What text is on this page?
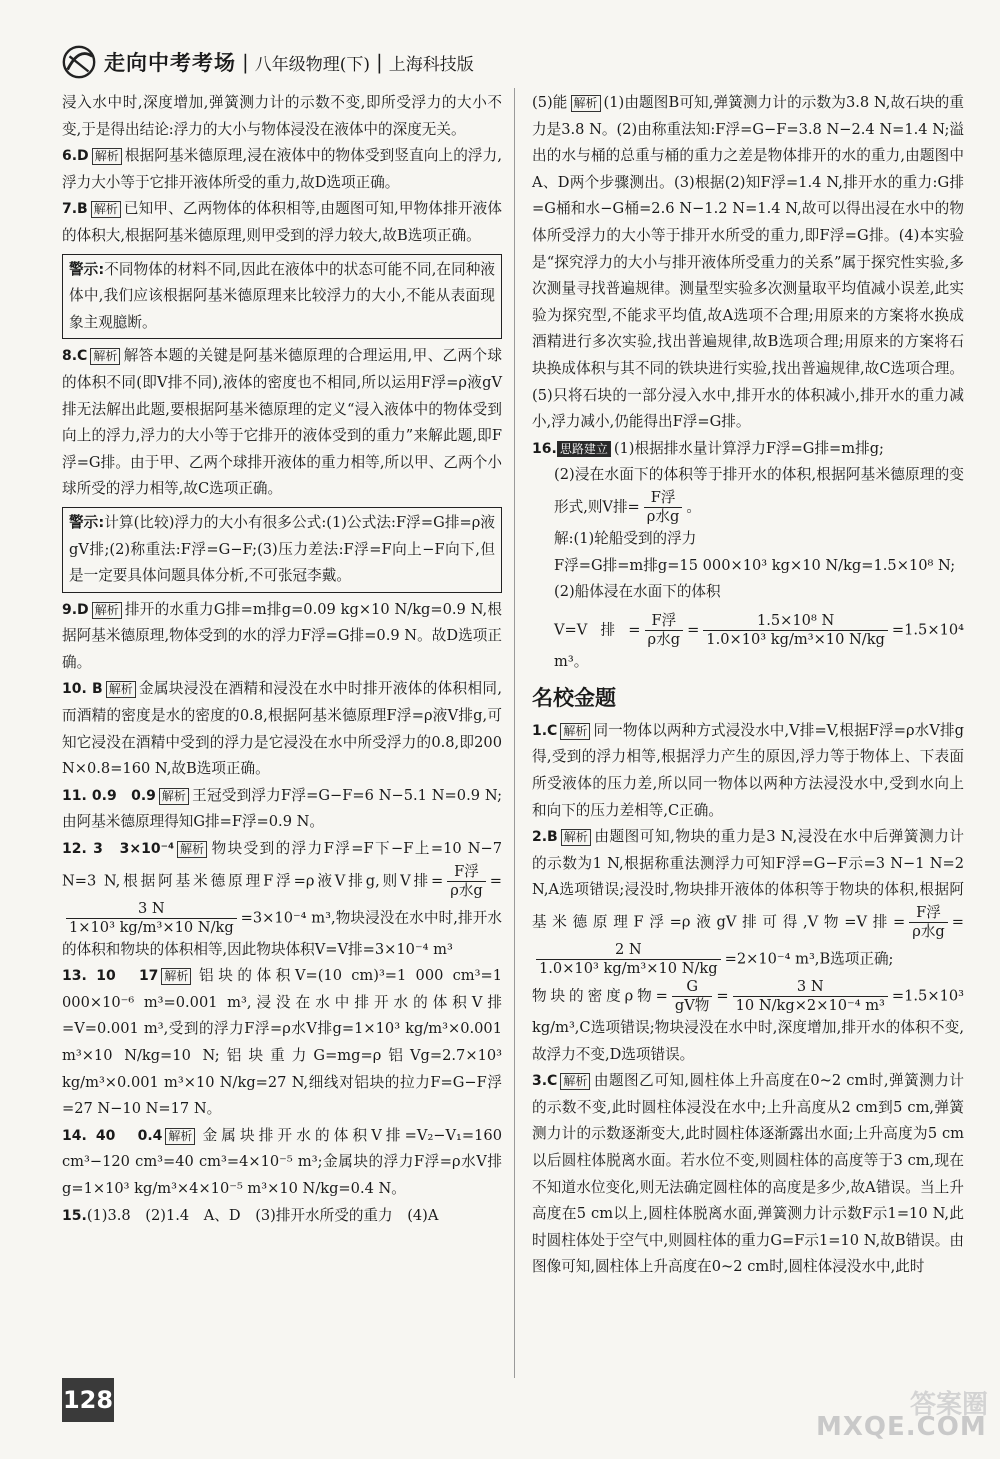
走向中考考场 | 八年级物理(下) | 上海科技版

浸入水中时,深度增加,弹簧测力计的示数不变,即所受浮力的大小不变,于是得出结论:浮力的大小与物体浸没在液体中的深度无关。

6.D 解析 根据阿基米德原理,浸在液体中的物体受到竖直向上的浮力,浮力大小等于它排开液体所受的重力,故D选项正确。

7.B 解析 已知甲、乙两物体的体积相等,由题图可知,甲物体排开液体的体积大,根据阿基米德原理,则甲受到的浮力较大,故B选项正确。

警示:不同物体的材料不同,因此在液体中的状态可能不同,在同种液体中,我们应该根据阿基米德原理来比较浮力的大小,不能从表面现象主观臆断。

8.C 解析 解答本题的关键是阿基米德原理的合理运用,甲、乙两个球的体积不同(即V排不同),液体的密度也不相同,所以运用F浮=ρ液gV排无法解出此题,要根据阿基米德原理的定义“浸入液体中的物体受到向上的浮力,浮力的大小等于它排开的液体受到的重力”来解此题,即F浮=G排。由于甲、乙两个球排开液体的重力相等,所以甲、乙两个小球所受的浮力相等,故C选项正确。

警示:计算(比较)浮力的大小有很多公式:(1)公式法:F浮=G排=ρ液gV排;(2)称重法:F浮=G−F;(3)压力差法:F浮=F向上−F向下,但是一定要具体问题具体分析,不可张冠李戴。

9.D 解析 排开的水重力G排=m排g=0.09 kg×10 N/kg=0.9 N,根据阿基米德原理,物体受到的水的浮力F浮=G排=0.9 N。故D选项正确。

10. B 解析 金属块浸没在酒精和浸没在水中时排开液体的体积相同,而酒精的密度是水的密度的0.8,根据阿基米德原理F浮=ρ液V排g,可知它浸没在酒精中受到的浮力是它浸没在水中所受浮力的0.8,即200 N×0.8=160 N,故B选项正确。

11. 0.9　0.9 解析 王冠受到浮力F浮=G−F=6 N−5.1 N=0.9 N;由阿基米德原理得知G排=F浮=0.9 N。

12. 3　3×10⁻⁴ 解析 物块受到的浮力F浮=F下−F上=10 N−7 N=3 N,根据阿基米德原理F浮=ρ液V排g,则V排= $\frac{\text{F浮}}{\text{ρ水g}}$ =
$\frac{3 N}{\text{1×10³ kg/m³×10 N/kg}} =3\times 10^{-4}$ m³,物块浸没在水中时,排开水的体积和物块的体积相等,因此物块体积V=V排=3×10⁻⁴ m³

13. 10　17 解析 铝块的体积V=(10 cm)³=1 000 cm³=1 000×10⁻⁶ m³=0.001 m³,浸没在水中排开水的体积V排=V=0.001 m³,受到的浮力F浮=ρ水V排g=1×10³ kg/m³×0.001 m³×10 N/kg=10 N;铝块重力G=mg=ρ铝Vg=2.7×10³ kg/m³×0.001 m³×10 N/kg=27 N,细线对铝块的拉力F=G−F浮=27 N−10 N=17 N。

14. 40　0.4 解析 金属块排开水的体积V排=V₂−V₁=160 cm³−120 cm³=40 cm³=4×10⁻⁵ m³;金属块的浮力F浮=ρ水V排g=1×10³ kg/m³×4×10⁻⁵ m³×10 N/kg=0.4 N。

15.(1)3.8　(2)1.4　A、D　(3)排开水所受的重力　(4)A

(5)能 解析 (1)由题图B可知,弹簧测力计的示数为3.8 N,故石块的重力是3.8 N。(2)由称重法知:F浮=G−F=3.8 N−2.4 N=1.4 N;溢出的水与桶的总重与桶的重力之差是物体排开的水的重力,由题图中A、D两个步骤测出。(3)根据(2)知F浮=1.4 N,排开水的重力:G排=G桶和水−G桶=2.6 N−1.2 N=1.4 N,故可以得出浸在水中的物体所受浮力的大小等于排开水所受的重力,即F浮=G排。(4)本实验是“探究浮力的大小与排开液体所受重力的关系”属于探究性实验,多次测量寻找普遍规律。测量型实验多次测量取平均值减小误差,此实验为探究型,不能求平均值,故A选项不合理;用原来的方案将水换成酒精进行多次实验,找出普遍规律,故B选项合理;用原来的方案将石块换成体积与其不同的铁块进行实验,找出普遍规律,故C选项合理。(5)只将石块的一部分浸入水中,排开水的体积减小,排开水的重力减小,浮力减小,仍能得出F浮=G排。

16. 思路建立 (1)根据排水量计算浮力F浮=G排=m排g;

(2)浸在水面下的体积等于排开水的体积,根据阿基米德原理的变形式,则V排= $\frac{\text{F浮}}{\text{ρ水g}}$ 。

解:(1)轮船受到的浮力

F浮=G排=m排g=15 000×10³ kg×10 N/kg=1.5×10⁸ N;

(2)船体浸在水面下的体积

V=V排= $\frac{\text{F浮}}{\text{ρ水g}} = \frac{\text{1.5×10⁸ N}}{\text{1.0×10³ kg/m³×10 N/kg}} =1.5\times 10^4$ m³。

名校金题

1.C 解析 同一物体以两种方式浸没水中,V排=V,根据F浮=ρ水V排g得,受到的浮力相等,根据浮力产生的原因,浮力等于物体上、下表面所受液体的压力差,所以同一物体以两种方法浸没水中,受到水向上和向下的压力差相等,C正确。

2.B 解析 由题图可知,物块的重力是3 N,浸没在水中后弹簧测力计的示数为1 N,根据称重法测浮力可知F浮=G−F示=3 N−1 N=2 N,A选项错误;浸没时,物块排开液体的体积等于物块的体积,根据阿基米德原理F浮=ρ液gV排可得,V物=V排= $\frac{\text{F浮}}{\text{ρ水g}}$ =
$\frac{2 N}{\text{1.0×10³ kg/m³×10 N/kg}} =2\times 10^{-4}$ m³,B选项正确;

物块的密度ρ物= $\frac{G}{\text{gV物}} = \frac{3 N}{\text{10 N/kg×2×10⁻⁴ m³}} =1.5\times 10^3$ kg/m³,C选项错误;物块浸没在水中时,深度增加,排开水的体积不变,故浮力不变,D选项错误。

3.C 解析 由题图乙可知,圆柱体上升高度在0~2 cm时,弹簧测力计的示数不变,此时圆柱体浸没在水中;上升高度从2 cm到5 cm,弹簧测力计的示数逐渐变大,此时圆柱体逐渐露出水面;上升高度为5 cm以后圆柱体脱离水面。若水位不变,则圆柱体的高度等于3 cm,现在不知道水位变化,则无法确定圆柱体的高度是多少,故A错误。当上升高度在5 cm以上,圆柱体脱离水面,弹簧测力计示数F示1=10 N,此时圆柱体处于空气中,则圆柱体的重力G=F示1=10 N,故B错误。由图像可知,圆柱体上升高度在0~2 cm时,圆柱体浸没水中,此时

128	答案圈
MXQE.COM
